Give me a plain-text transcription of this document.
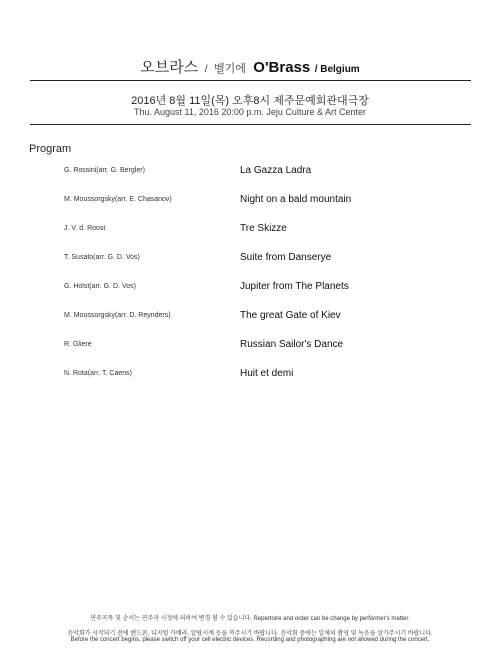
오브라스 / 벨기에 O'Brass / Belgium
2016년 8월 11일(목) 오후8시 제주문예회관대극장
Thu. August 11, 2016 20:00 p.m. Jeju Culture & Art Center
Program
G. Rossini(arr. G. Bergler)	La Gazza Ladra
M. Moussorgsky(arr. E. Chasanov)	Night on a bald mountain
J. V. d. Roost	Tre Skizze
T. Susato(arr. G. D. Vos)	Suite from Danserye
G. Holst(arr. G. D. Vos)	Jupiter from The Planets
M. Moussorgsky(arr. D. Reynders)	The great Gate of Kiev
R. Gliere	Russian Sailor's Dance
N. Rota(arr. T. Caens)	Huit et demi
연주곡목 및 순서는 연주자 사정에 의하여 변경 될 수 있습니다. Repertoire and order can be change by performer's matter.
음악회가 시작되기 전에 핸드폰, 디지털 카메라, 알람시계 등을 꺼주시기 바랍니다. 음악회 중에는 일체의 촬영 및 녹음을 삼가주시기 바랍니다.
Before the concert begins, please switch off your cell electric devices. Recording and photographing are not allowed during the concert.
